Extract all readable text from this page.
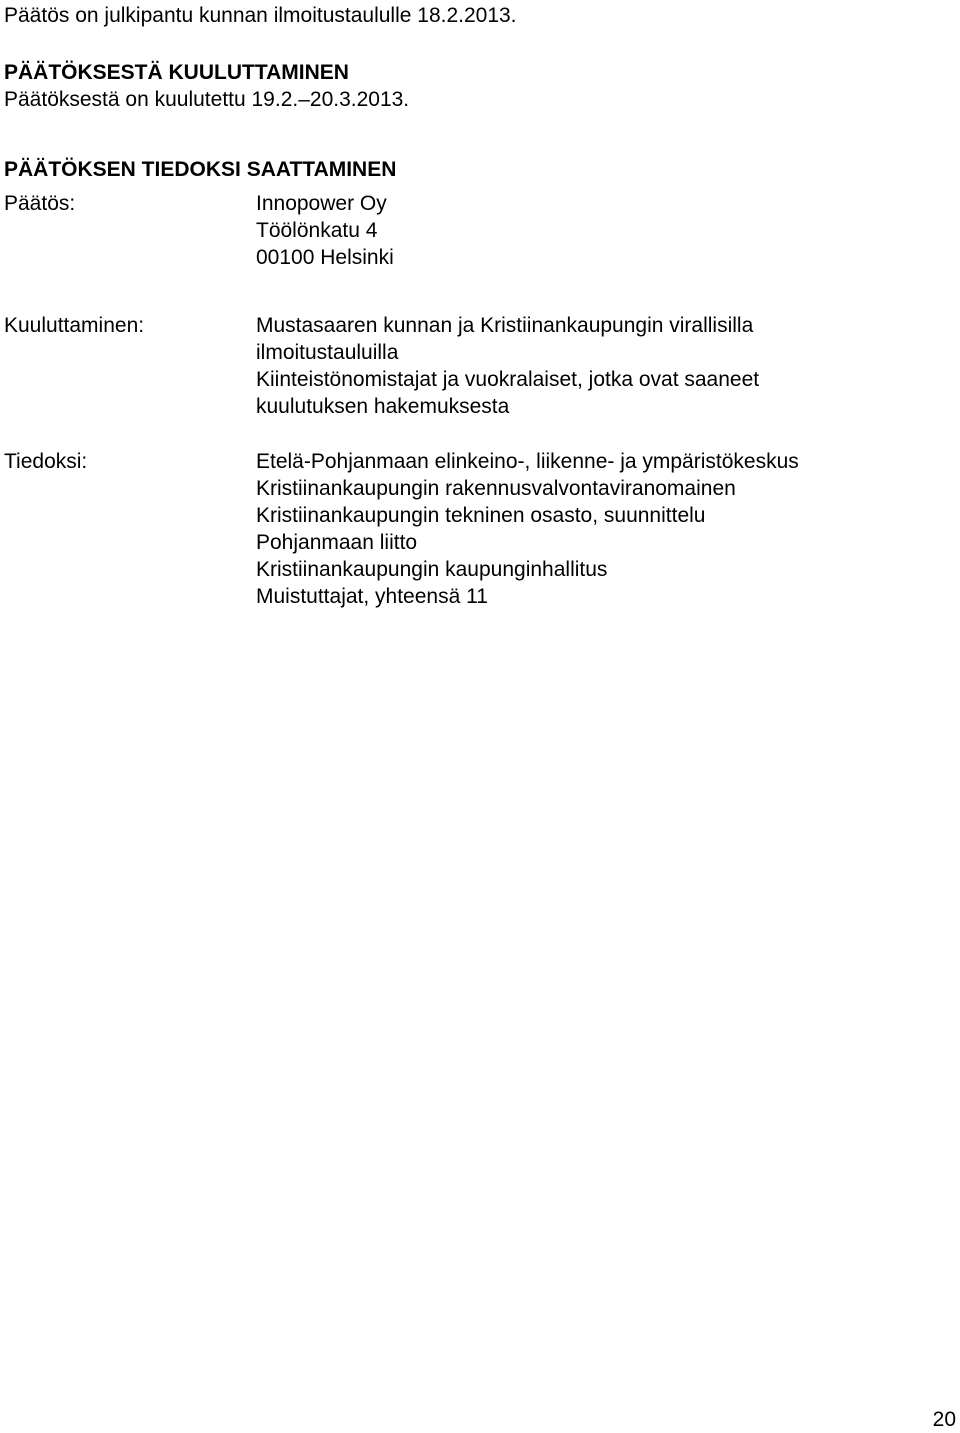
Päätös on julkipantu kunnan ilmoitustaululle 18.2.2013.
PÄÄTÖKSESTÄ KUULUTTAMINEN
Päätöksestä on kuulutettu 19.2.–20.3.2013.
PÄÄTÖKSEN TIEDOKSI SAATTAMINEN
Päätös:	Innopower Oy
Töölönkatu 4
00100 Helsinki
Kuuluttaminen:	Mustasaaren kunnan ja Kristiinankaupungin virallisilla
ilmoitustauluilla
Kiinteistönomistajat ja vuokralaiset, jotka ovat saaneet
kuulutuksen hakemuksesta
Tiedoksi:	Etelä-Pohjanmaan elinkeino-, liikenne- ja ympäristökeskus
Kristiinankaupungin rakennusvalvontaviranomainen
Kristiinankaupungin tekninen osasto, suunnittelu
Pohjanmaan liitto
Kristiinankaupungin kaupunginhallitus
Muistuttajat, yhteensä 11
20
